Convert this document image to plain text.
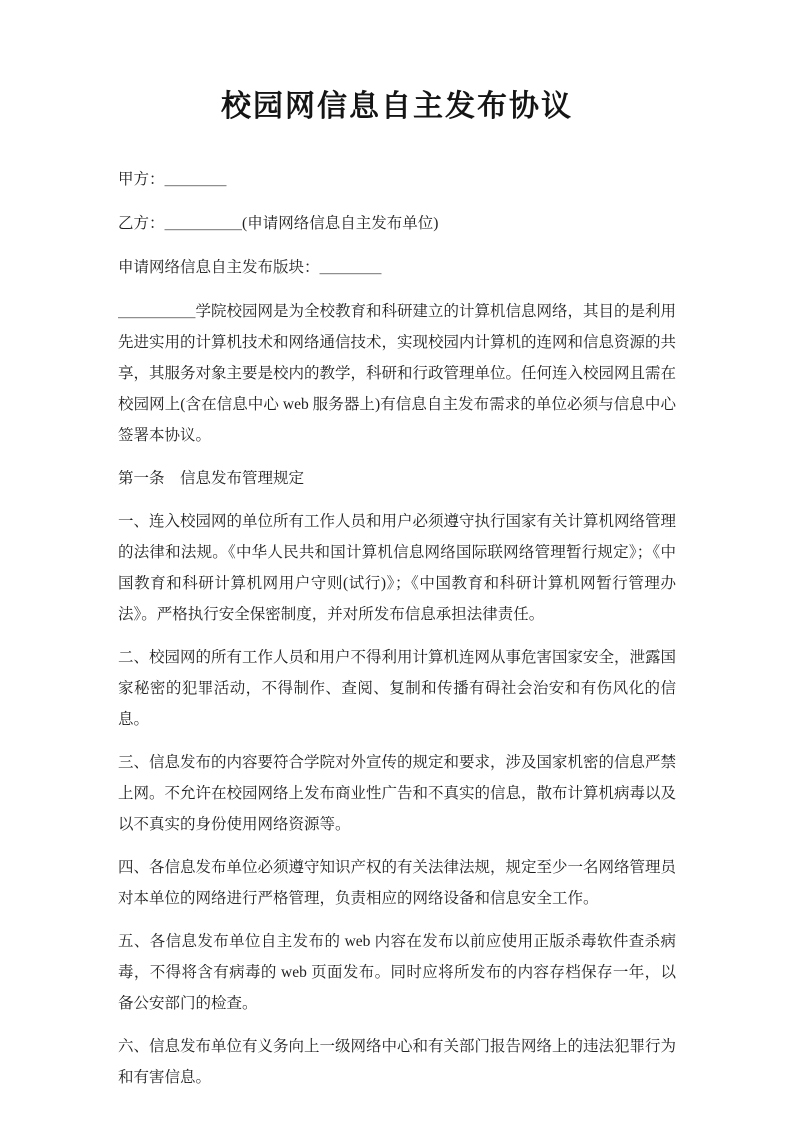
校园网信息自主发布协议
甲方：＿＿＿＿
乙方：＿＿＿＿＿(申请网络信息自主发布单位)
申请网络信息自主发布版块：＿＿＿＿

＿＿＿＿＿学院校园网是为全校教育和科研建立的计算机信息网络，其目的是利用先进实用的计算机技术和网络通信技术，实现校园内计算机的连网和信息资源的共享，其服务对象主要是校内的教学，科研和行政管理单位。任何连入校园网且需在校园网上(含在信息中心 web 服务器上)有信息自主发布需求的单位必须与信息中心签署本协议。

第一条　信息发布管理规定

一、连入校园网的单位所有工作人员和用户必须遵守执行国家有关计算机网络管理的法律和法规。《中华人民共和国计算机信息网络国际联网络管理暂行规定》；《中国教育和科研计算机网用户守则(试行)》；《中国教育和科研计算机网暂行管理办法》。严格执行安全保密制度，并对所发布信息承担法律责任。

二、校园网的所有工作人员和用户不得利用计算机连网从事危害国家安全，泄露国家秘密的犯罪活动，不得制作、查阅、复制和传播有碍社会治安和有伤风化的信息。

三、信息发布的内容要符合学院对外宣传的规定和要求，涉及国家机密的信息严禁上网。不允许在校园网络上发布商业性广告和不真实的信息，散布计算机病毒以及以不真实的身份使用网络资源等。

四、各信息发布单位必须遵守知识产权的有关法律法规，规定至少一名网络管理员对本单位的网络进行严格管理，负责相应的网络设备和信息安全工作。

五、各信息发布单位自主发布的 web 内容在发布以前应使用正版杀毒软件查杀病毒，不得将含有病毒的 web 页面发布。同时应将所发布的内容存档保存一年，以备公安部门的检查。

六、信息发布单位有义务向上一级网络中心和有关部门报告网络上的违法犯罪行为和有害信息。
